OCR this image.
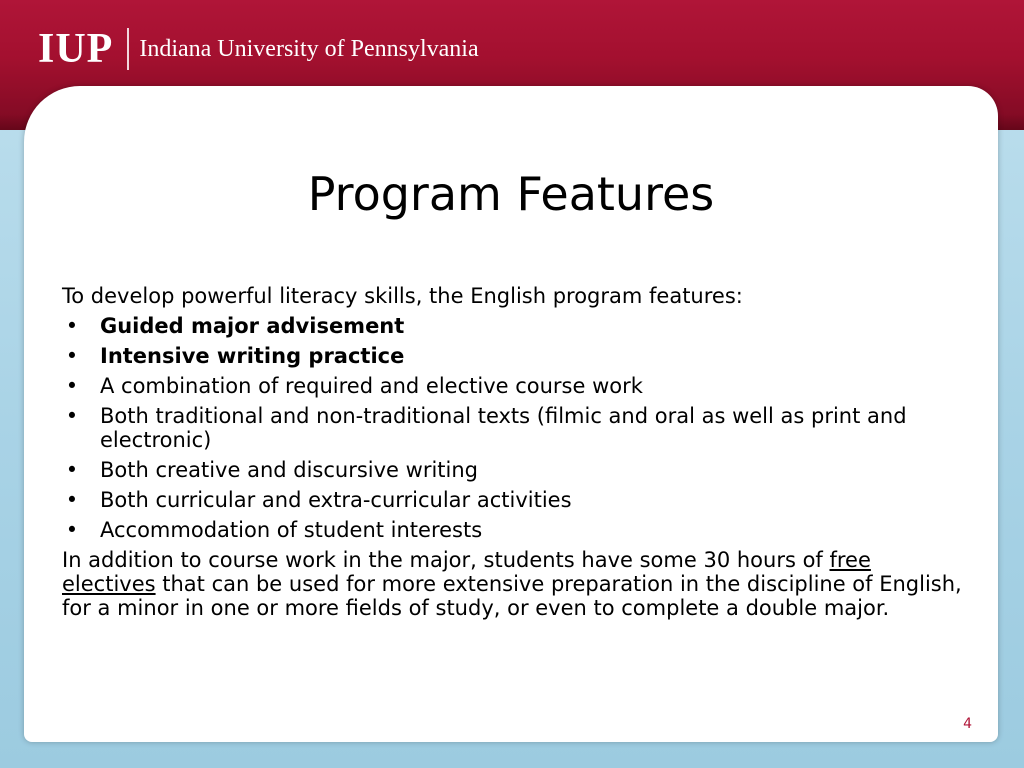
IUP Indiana University of Pennsylvania
Program Features

To develop powerful literacy skills, the English program features:

• Guided major advisement
• Intensive writing practice
• A combination of required and elective course work
• Both traditional and non-traditional texts (filmic and oral as well as print and electronic)
• Both creative and discursive writing
• Both curricular and extra-curricular activities
• Accommodation of student interests

In addition to course work in the major, students have some 30 hours of free electives that can be used for more extensive preparation in the discipline of English, for a minor in one or more fields of study, or even to complete a double major.

4
